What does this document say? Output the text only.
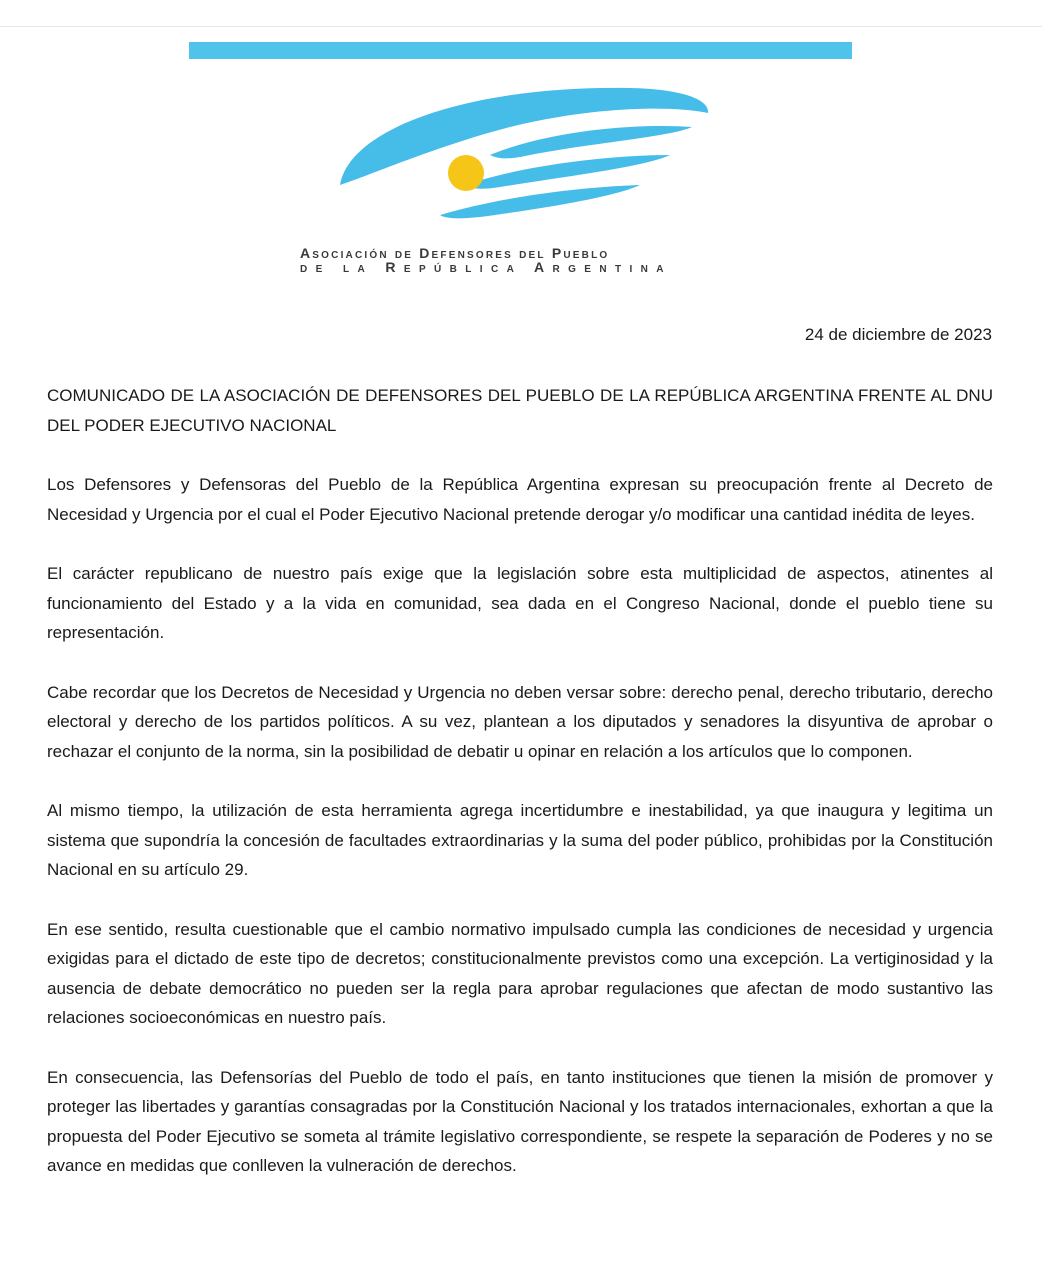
Asociación de Defensores del Pueblo
de la República Argentina
24 de diciembre de 2023

COMUNICADO DE LA ASOCIACIÓN DE DEFENSORES DEL PUEBLO DE LA REPÚBLICA ARGENTINA FRENTE AL DNU DEL PODER EJECUTIVO NACIONAL

Los Defensores y Defensoras del Pueblo de la República Argentina expresan su preocupación frente al Decreto de Necesidad y Urgencia por el cual el Poder Ejecutivo Nacional pretende derogar y/o modificar una cantidad inédita de leyes.

El carácter republicano de nuestro país exige que la legislación sobre esta multiplicidad de aspectos, atinentes al funcionamiento del Estado y a la vida en comunidad, sea dada en el Congreso Nacional, donde el pueblo tiene su representación.

Cabe recordar que los Decretos de Necesidad y Urgencia no deben versar sobre: derecho penal, derecho tributario, derecho electoral y derecho de los partidos políticos. A su vez, plantean a los diputados y senadores la disyuntiva de aprobar o rechazar el conjunto de la norma, sin la posibilidad de debatir u opinar en relación a los artículos que lo componen.

Al mismo tiempo, la utilización de esta herramienta agrega incertidumbre e inestabilidad, ya que inaugura y legitima un sistema que supondría la concesión de facultades extraordinarias y la suma del poder público, prohibidas por la Constitución Nacional en su artículo 29.

En ese sentido, resulta cuestionable que el cambio normativo impulsado cumpla las condiciones de necesidad y urgencia exigidas para el dictado de este tipo de decretos; constitucionalmente previstos como una excepción. La vertiginosidad y la ausencia de debate democrático no pueden ser la regla para aprobar regulaciones que afectan de modo sustantivo las relaciones socioeconómicas en nuestro país.

En consecuencia, las Defensorías del Pueblo de todo el país, en tanto instituciones que tienen la misión de promover y proteger las libertades y garantías consagradas por la Constitución Nacional y los tratados internacionales, exhortan a que la propuesta del Poder Ejecutivo se someta al trámite legislativo correspondiente, se respete la separación de Poderes y no se avance en medidas que conlleven la vulneración de derechos.
